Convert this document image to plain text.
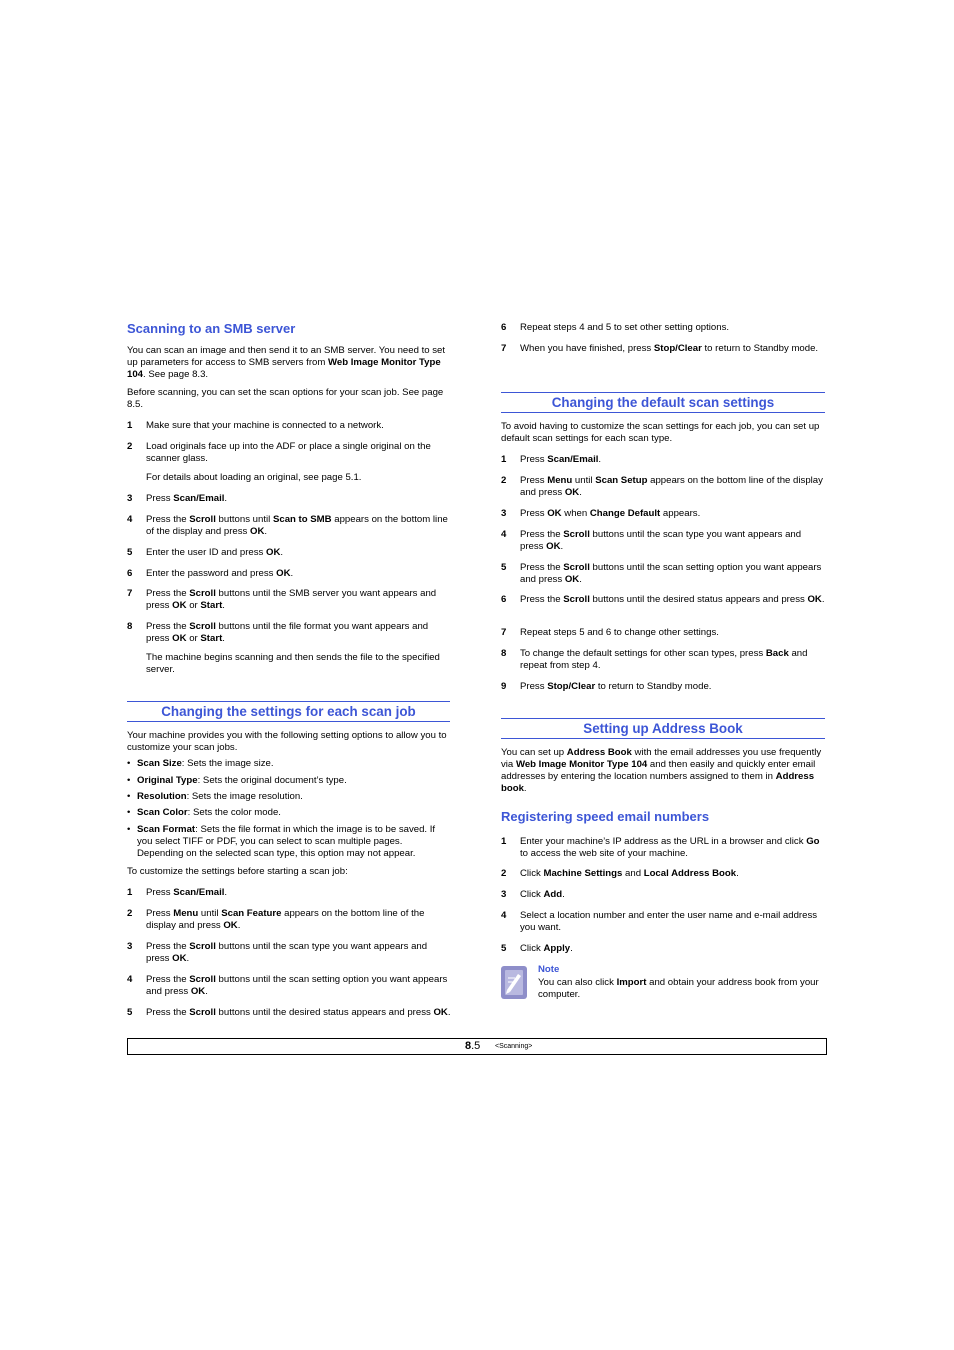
Scanning to an SMB server

You can scan an image and then send it to an SMB server. You need to set up parameters for access to SMB servers from Web Image Monitor Type 104. See page 8.3.

Before scanning, you can set the scan options for your scan job. See page 8.5.

1	Make sure that your machine is connected to a network.
2	Load originals face up into the ADF or place a single original on the scanner glass.
For details about loading an original, see page 5.1.
3	Press Scan/Email.
4	Press the Scroll buttons until Scan to SMB appears on the bottom line of the display and press OK.
5	Enter the user ID and press OK.
6	Enter the password and press OK.
7	Press the Scroll buttons until the SMB server you want appears and press OK or Start.
8	Press the Scroll buttons until the file format you want appears and press OK or Start.
The machine begins scanning and then sends the file to the specified server.

Changing the settings for each scan job

Your machine provides you with the following setting options to allow you to customize your scan jobs.

• Scan Size: Sets the image size.
• Original Type: Sets the original document’s type.
• Resolution: Sets the image resolution.
• Scan Color: Sets the color mode.
• Scan Format: Sets the file format in which the image is to be saved. If you select TIFF or PDF, you can select to scan multiple pages. Depending on the selected scan type, this option may not appear.

To customize the settings before starting a scan job:

1	Press Scan/Email.
2	Press Menu until Scan Feature appears on the bottom line of the display and press OK.
3	Press the Scroll buttons until the scan type you want appears and press OK.
4	Press the Scroll buttons until the scan setting option you want appears and press OK.
5	Press the Scroll buttons until the desired status appears and press OK.
6	Repeat steps 4 and 5 to set other setting options.
7	When you have finished, press Stop/Clear to return to Standby mode.

Changing the default scan settings

To avoid having to customize the scan settings for each job, you can set up default scan settings for each scan type.

1	Press Scan/Email.
2	Press Menu until Scan Setup appears on the bottom line of the display and press OK.
3	Press OK when Change Default appears.
4	Press the Scroll buttons until the scan type you want appears and press OK.
5	Press the Scroll buttons until the scan setting option you want appears and press OK.
6	Press the Scroll buttons until the desired status appears and press OK.
7	Repeat steps 5 and 6 to change other settings.
8	To change the default settings for other scan types, press Back and repeat from step 4.
9	Press Stop/Clear to return to Standby mode.

Setting up Address Book

You can set up Address Book with the email addresses you use frequently via Web Image Monitor Type 104 and then easily and quickly enter email addresses by entering the location numbers assigned to them in Address book.

Registering speed email numbers
1	Enter your machine’s IP address as the URL in a browser and click Go to access the web site of your machine.
2	Click Machine Settings and Local Address Book.
3	Click Add.
4	Select a location number and enter the user name and e-mail address you want.
5	Click Apply.

Note

You can also click Import and obtain your address book from your computer.

8.5 <Scanning>
